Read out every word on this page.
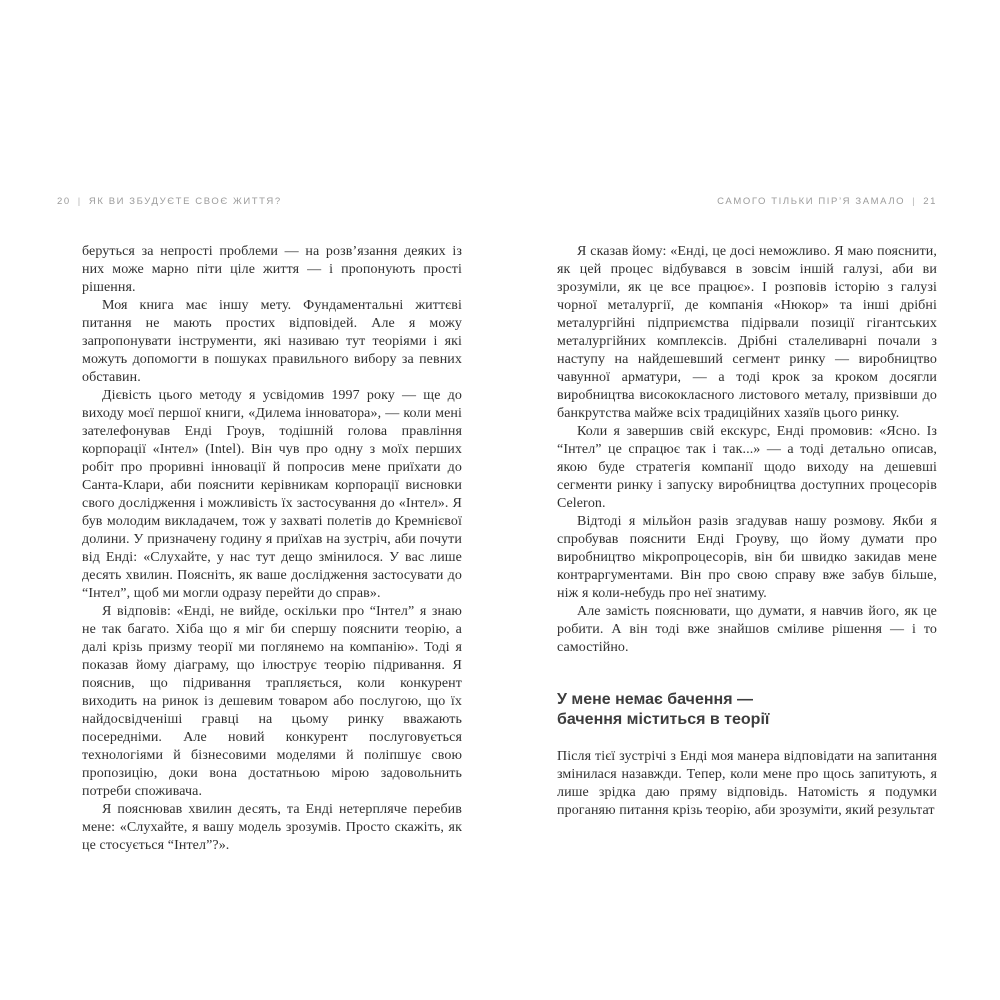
20 | ЯК ВИ ЗБУДУЄТЕ СВОЄ ЖИТТЯ?	САМОГО ТІЛЬКИ ПІР’Я ЗАМАЛО | 21

беруться за непрості проблеми — на розв’язання деяких із них може марно піти ціле життя — і пропонують прості рішення.

Моя книга має іншу мету. Фундаментальні життєві питання не мають простих відповідей. Але я можу запропонувати інструменти, які називаю тут теоріями і які можуть допомогти в пошуках правильного вибору за певних обставин.

Дієвість цього методу я усвідомив 1997 року — ще до виходу моєї першої книги, «Дилема інноватора», — коли мені зателефонував Енді Гроув, тодішній голова правління корпорації «Інтел» (Intel). Він чув про одну з моїх перших робіт про проривні інновації й попросив мене приїхати до Санта-Клари, аби пояснити керівникам корпорації висновки свого дослідження і можливість їх застосування до «Інтел». Я був молодим викладачем, тож у захваті полетів до Кремнієвої долини. У призначену годину я приїхав на зустріч, аби почути від Енді: «Слухайте, у нас тут дещо змінилося. У вас лише десять хвилин. Поясніть, як ваше дослідження застосувати до “Інтел”, щоб ми могли одразу перейти до справ».

Я відповів: «Енді, не вийде, оскільки про “Інтел” я знаю не так багато. Хіба що я міг би спершу пояснити теорію, а далі крізь призму теорії ми поглянемо на компанію». Тоді я показав йому діаграму, що ілюструє теорію підривання. Я пояснив, що підривання трапляється, коли конкурент виходить на ринок із дешевим товаром або послугою, що їх найдосвідченіші гравці на цьому ринку вважають посередніми. Але новий конкурент послуговується технологіями й бізнесовими моделями й поліпшує свою пропозицію, доки вона достатньою мірою задовольнить потреби споживача.

Я пояснював хвилин десять, та Енді нетерпляче перебив мене: «Слухайте, я вашу модель зрозумів. Просто скажіть, як це стосується “Інтел”?».

Я сказав йому: «Енді, це досі неможливо. Я маю пояснити, як цей процес відбувався в зовсім іншій галузі, аби ви зрозуміли, як це все працює». І розповів історію з галузі чорної металургії, де компанія «Нюкор» та інші дрібні металургійні підприємства підірвали позиції гігантських металургійних комплексів. Дрібні сталеливарні почали з наступу на найдешевший сегмент ринку — виробництво чавунної арматури, — а тоді крок за кроком досягли виробництва висококласного листового металу, призвівши до банкрутства майже всіх традиційних хазяїв цього ринку.

Коли я завершив свій екскурс, Енді промовив: «Ясно. Із “Інтел” це спрацює так і так...» — а тоді детально описав, якою буде стратегія компанії щодо виходу на дешевші сегменти ринку і запуску виробництва доступних процесорів Celeron.

Відтоді я мільйон разів згадував нашу розмову. Якби я спробував пояснити Енді Гроуву, що йому думати про виробництво мікропроцесорів, він би швидко закидав мене контраргументами. Він про свою справу вже забув більше, ніж я коли-небудь про неї знатиму.

Але замість пояснювати, що думати, я навчив його, як це робити. А він тоді вже знайшов сміливе рішення — і то самостійно.

У мене немає бачення —
бачення міститься в теорії

Після тієї зустрічі з Енді моя манера відповідати на запитання змінилася назавжди. Тепер, коли мене про щось запитують, я лише зрідка даю пряму відповідь. Натомість я подумки проганяю питання крізь теорію, аби зрозуміти, який результат
